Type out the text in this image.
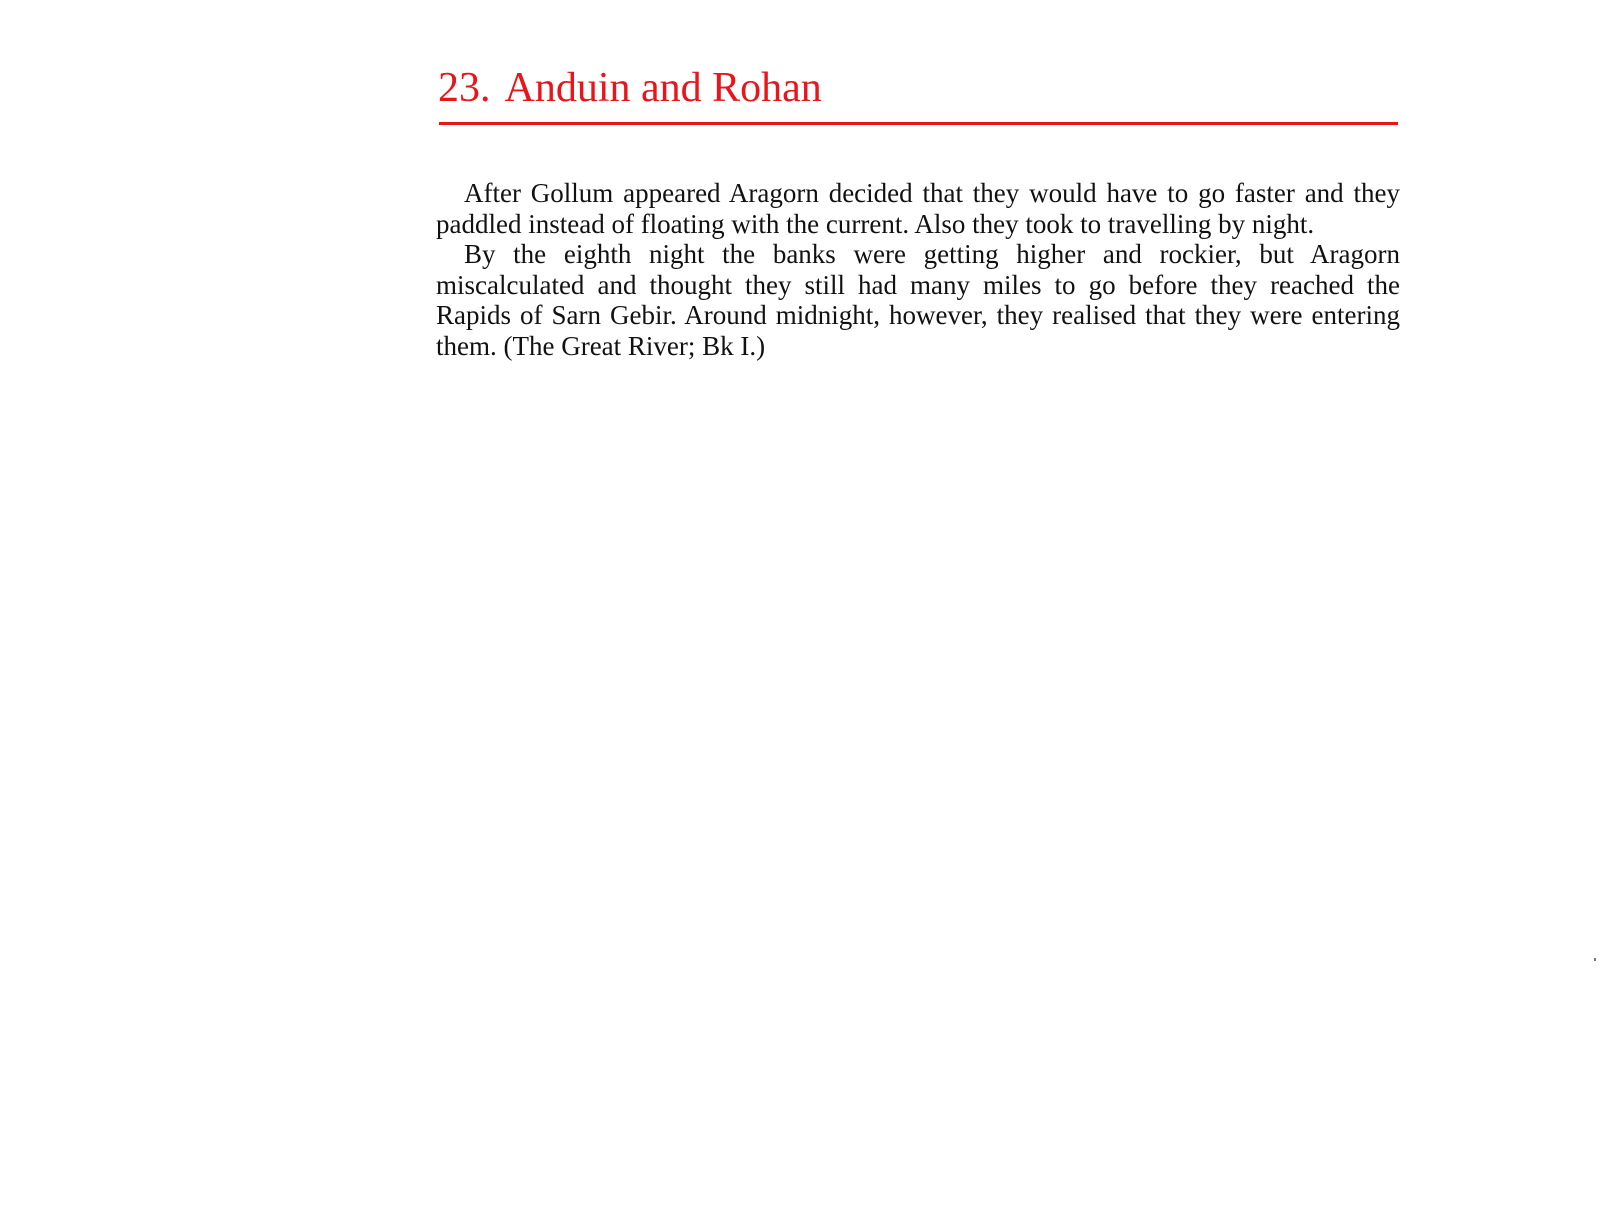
23. Anduin and Rohan

After Gollum appeared Aragorn decided that they would have to go faster and they paddled instead of floating with the current. Also they took to travelling by night.

By the eighth night the banks were getting higher and rockier, but Aragorn miscalculated and thought they still had many miles to go before they reached the Rapids of Sarn Gebir. Around midnight, however, they realised that they were entering them. (The Great River; Bk I.)
